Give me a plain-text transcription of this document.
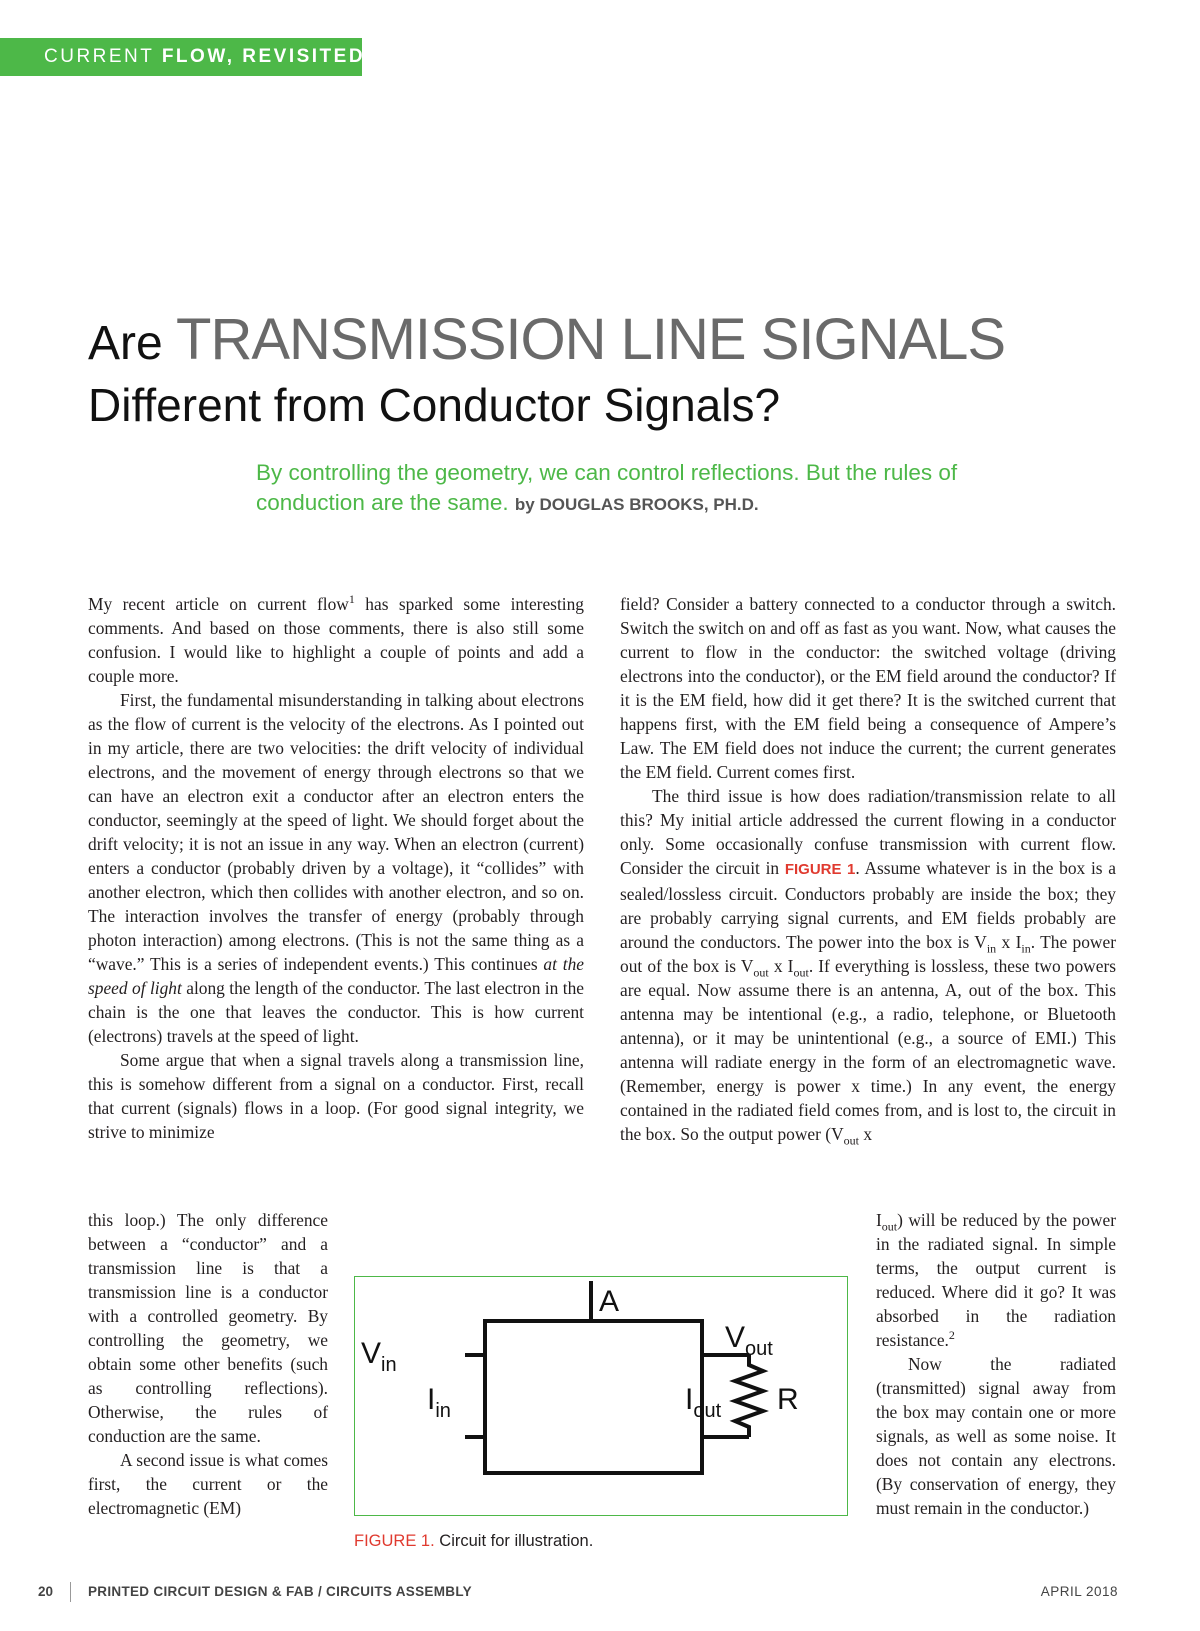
CURRENT FLOW, REVISITED
Are TRANSMISSION LINE SIGNALS
Different from Conductor Signals?
By controlling the geometry, we can control reflections. But the rules of conduction are the same. by DOUGLAS BROOKS, PH.D.

My recent article on current flow$^1$ has sparked some interesting comments. And based on those comments, there is also still some confusion. I would like to highlight a couple of points and add a couple more.

First, the fundamental misunderstanding in talking about electrons as the flow of current is the velocity of the electrons. As I pointed out in my article, there are two velocities: the drift velocity of individual electrons, and the movement of energy through electrons so that we can have an electron exit a conductor after an electron enters the conductor, seemingly at the speed of light. We should forget about the drift velocity; it is not an issue in any way. When an electron (current) enters a conductor (probably driven by a voltage), it “collides” with another electron, which then collides with another electron, and so on. The interaction involves the transfer of energy (probably through photon interaction) among electrons. (This is not the same thing as a “wave.” This is a series of independent events.) This continues at the speed of light along the length of the conductor. The last electron in the chain is the one that leaves the conductor. This is how current (electrons) travels at the speed of light.

Some argue that when a signal travels along a transmission line, this is somehow different from a signal on a conductor. First, recall that current (signals) flows in a loop. (For good signal integrity, we strive to minimize

this loop.) The only difference between a “conductor” and a transmission line is that a transmission line is a conductor with a controlled geometry. By controlling the geometry, we obtain some other benefits (such as controlling reflections). Otherwise, the rules of conduction are the same.

A second issue is what comes first, the current or the electromagnetic (EM)

field? Consider a battery connected to a conductor through a switch. Switch the switch on and off as fast as you want. Now, what causes the current to flow in the conductor: the switched voltage (driving electrons into the conductor), or the EM field around the conductor? If it is the EM field, how did it get there? It is the switched current that happens first, with the EM field being a consequence of Ampere’s Law. The EM field does not induce the current; the current generates the EM field. Current comes first.

The third issue is how does radiation/transmission relate to all this? My initial article addressed the current flowing in a conductor only. Some occasionally confuse transmission with current flow. Consider the circuit in FIGURE 1. Assume whatever is in the box is a sealed/lossless circuit. Conductors probably are inside the box; they are probably carrying signal currents, and EM fields probably are around the conductors. The power into the box is $V_{in}$ x $I_{in}$. The power out of the box is $V_{out}$ x $I_{out}$. If everything is lossless, these two powers are equal. Now assume there is an antenna, A, out of the box. This antenna may be intentional (e.g., a radio, telephone, or Bluetooth antenna), or it may be unintentional (e.g., a source of EMI.) This antenna will radiate energy in the form of an electromagnetic wave. (Remember, energy is power x time.) In any event, the energy contained in the radiated field comes from, and is lost to, the circuit in the box. So the output power ($V_{out}$ x

$I_{out}$) will be reduced by the power in the radiated signal. In simple terms, the output current is reduced. Where did it go? It was absorbed in the radiation resistance.$^2$

Now the radiated (transmitted) signal away from the box may contain one or more signals, as well as some noise. It does not contain any electrons. (By conservation of energy, they must remain in the conductor.)

A
$V_{in}$
$I_{in}$
$V_{out}$
$I_{out}$ R
FIGURE 1. Circuit for illustration.
20	PRINTED CIRCUIT DESIGN & FAB / CIRCUITS ASSEMBLY	APRIL 2018
